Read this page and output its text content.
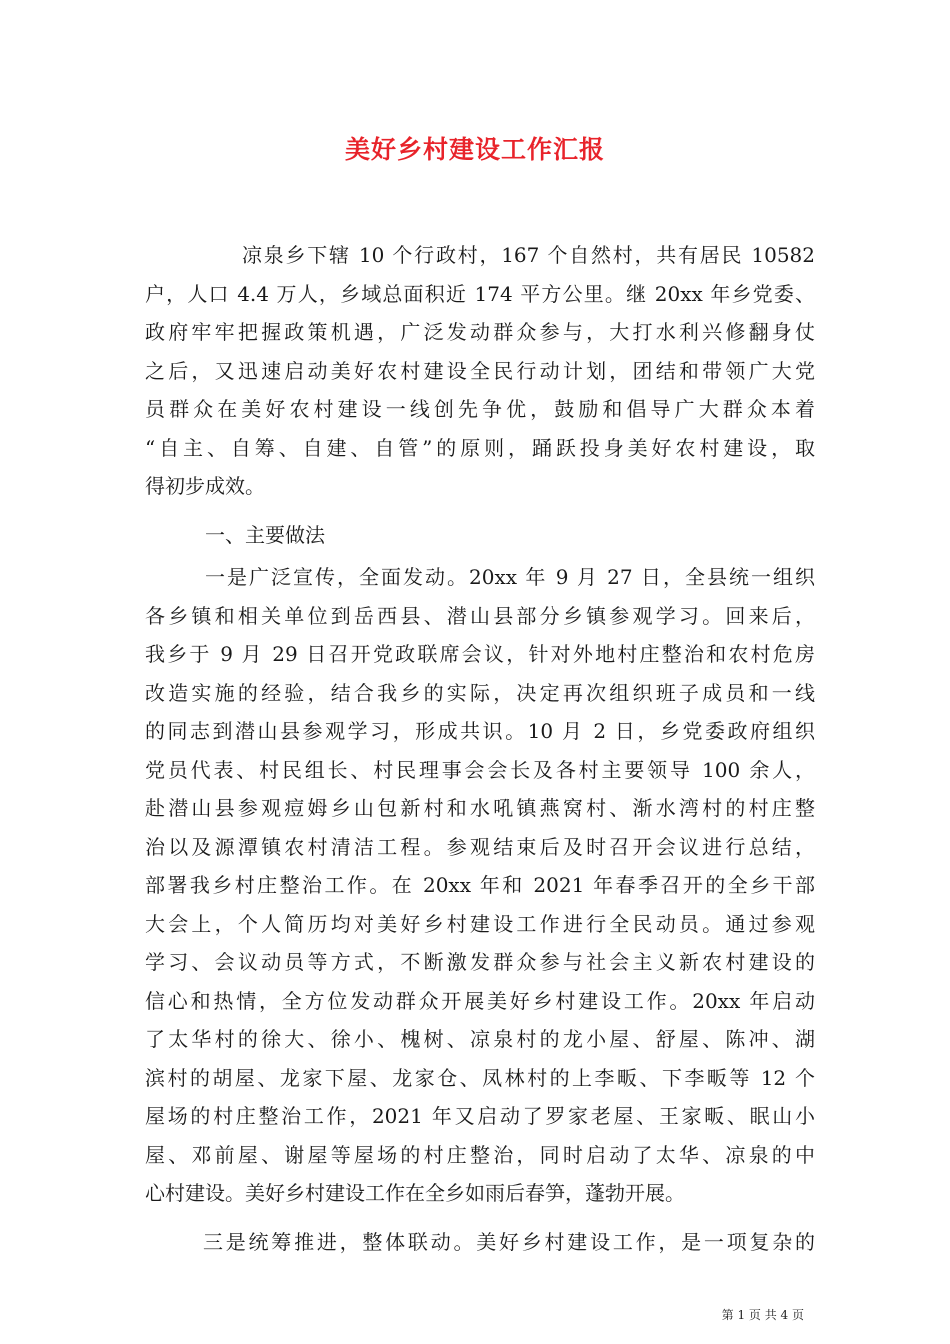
美好乡村建设工作汇报
凉泉乡下辖 10 个行政村，167 个自然村，共有居民 10582
户，人口 4.4 万人，乡域总面积近 174 平方公里。继 20xx 年乡党委、
政府牢牢把握政策机遇，广泛发动群众参与，大打水利兴修翻身仗
之后，又迅速启动美好农村建设全民行动计划，团结和带领广大党
员群众在美好农村建设一线创先争优，鼓励和倡导广大群众本着
“自主、自筹、自建、自管”的原则，踊跃投身美好农村建设，取
得初步成效。
一、主要做法
一是广泛宣传，全面发动。20xx 年 9 月 27 日，全县统一组织
各乡镇和相关单位到岳西县、潜山县部分乡镇参观学习。回来后，
我乡于 9 月 29 日召开党政联席会议，针对外地村庄整治和农村危房
改造实施的经验，结合我乡的实际，决定再次组织班子成员和一线
的同志到潜山县参观学习，形成共识。10 月 2 日，乡党委政府组织
党员代表、村民组长、村民理事会会长及各村主要领导 100 余人，
赴潜山县参观痘姆乡山包新村和水吼镇燕窝村、渐水湾村的村庄整
治以及源潭镇农村清洁工程。参观结束后及时召开会议进行总结，
部署我乡村庄整治工作。在 20xx 年和 2021 年春季召开的全乡干部
大会上，个人简历均对美好乡村建设工作进行全民动员。通过参观
学习、会议动员等方式，不断激发群众参与社会主义新农村建设的
信心和热情，全方位发动群众开展美好乡村建设工作。20xx 年启动
了太华村的徐大、徐小、槐树、凉泉村的龙小屋、舒屋、陈冲、湖
滨村的胡屋、龙家下屋、龙家仓、凤林村的上李畈、下李畈等 12 个
屋场的村庄整治工作，2021 年又启动了罗家老屋、王家畈、眠山小
屋、邓前屋、谢屋等屋场的村庄整治，同时启动了太华、凉泉的中
心村建设。美好乡村建设工作在全乡如雨后春笋，蓬勃开展。
三是统筹推进，整体联动。美好乡村建设工作，是一项复杂的
第 1 页 共 4 页
